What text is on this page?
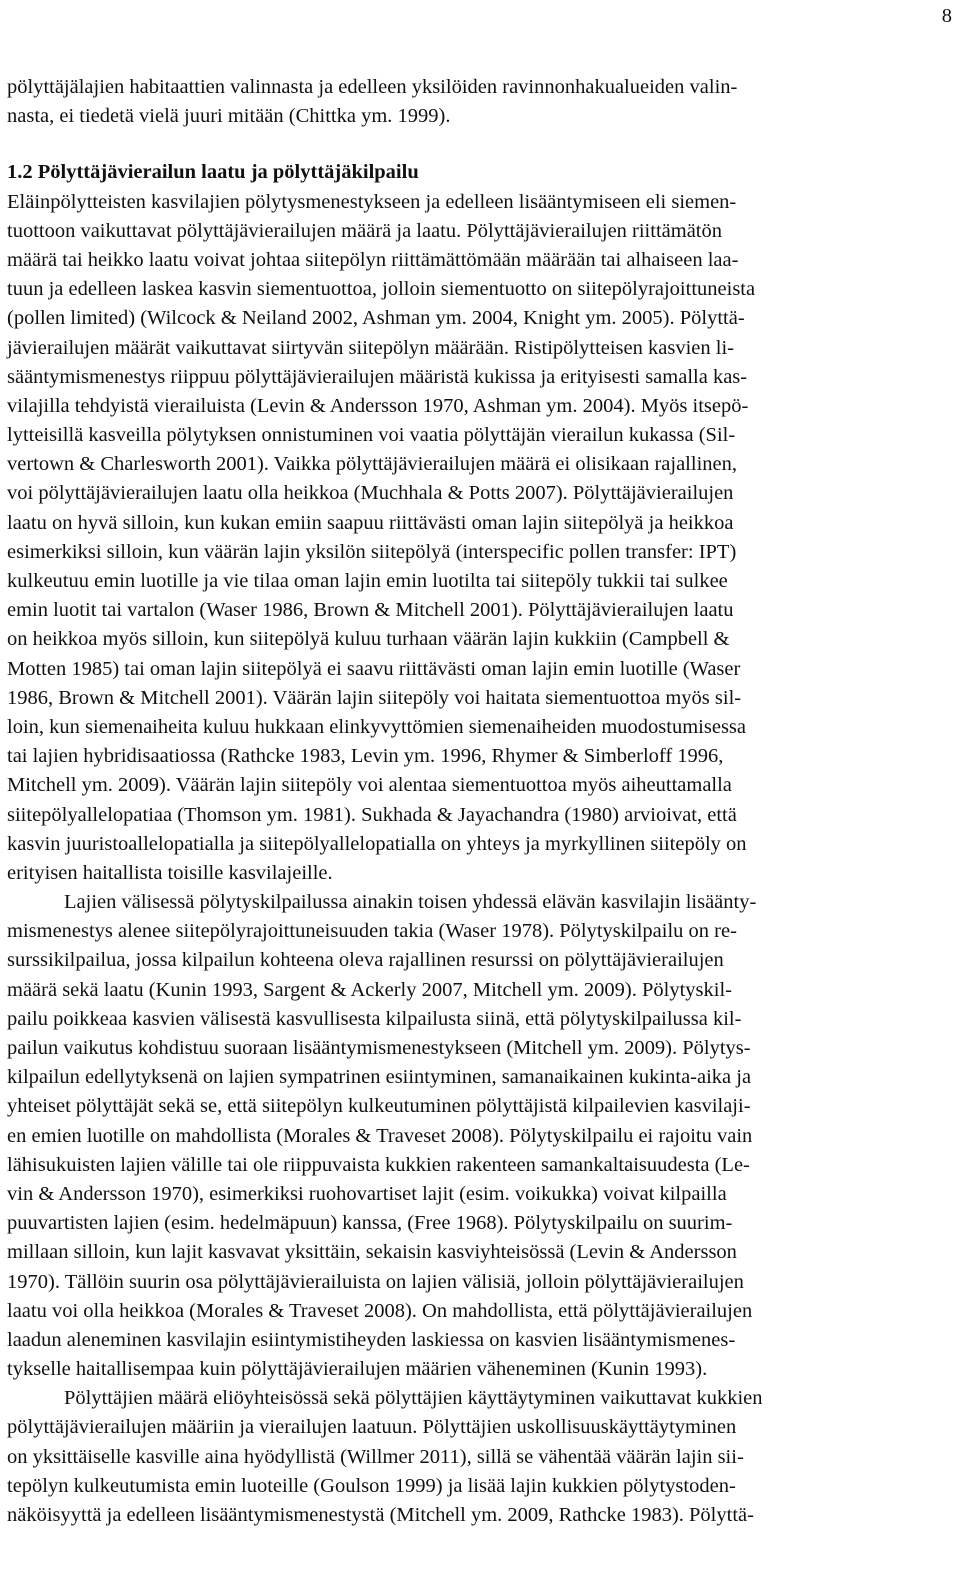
8
pölyttäjälajien habitaattien valinnasta ja edelleen yksilöiden ravinnonhakualueiden valin-
nasta, ei tiedetä vielä juuri mitään (Chittka ym. 1999).
1.2 Pölyttäjävierailun laatu ja pölyttäjäkilpailu
Eläinpölytteisten kasvilajien pölytysmenestykseen ja edelleen lisääntymiseen eli siemen-
tuottoon vaikuttavat pölyttäjävierailujen määrä ja laatu. Pölyttäjävierailujen riittämätön
määrä tai heikko laatu voivat johtaa siitepölyn riittämättömään määrään tai alhaiseen laa-
tuun ja edelleen laskea kasvin siementuottoa, jolloin siementuotto on siitepölyrajoittuneista
(pollen limited) (Wilcock & Neiland 2002, Ashman ym. 2004, Knight ym. 2005). Pölyttä-
jävierailujen määrät vaikuttavat siirtyvän siitepölyn määrään. Ristipölytteisen kasvien li-
sääntymismenestys riippuu pölyttäjävierailujen määristä kukissa ja erityisesti samalla kas-
vilajilla tehdyistä vierailuista (Levin & Andersson 1970, Ashman ym. 2004). Myös itsepö-
lytteisillä kasveilla pölytyksen onnistuminen voi vaatia pölyttäjän vierailun kukassa (Sil-
vertown & Charlesworth 2001). Vaikka pölyttäjävierailujen määrä ei olisikaan rajallinen,
voi pölyttäjävierailujen laatu olla heikkoa (Muchhala & Potts 2007). Pölyttäjävierailujen
laatu on hyvä silloin, kun kukan emiin saapuu riittävästi oman lajin siitepölyä ja heikkoa
esimerkiksi silloin, kun väärän lajin yksilön siitepölyä (interspecific pollen transfer: IPT)
kulkeutuu emin luotille ja vie tilaa oman lajin emin luotilta tai siitepöly tukkii tai sulkee
emin luotit tai vartalon (Waser 1986, Brown & Mitchell 2001). Pölyttäjävierailujen laatu
on heikkoa myös silloin, kun siitepölyä kuluu turhaan väärän lajin kukkiin (Campbell &
Motten 1985) tai oman lajin siitepölyä ei saavu riittävästi oman lajin emin luotille (Waser
1986, Brown & Mitchell 2001). Väärän lajin siitepöly voi haitata siementuottoa myös sil-
loin, kun siemenaiheita kuluu hukkaan elinkyvyttömien siemenaiheiden muodostumisessa
tai lajien hybridisaatiossa (Rathcke 1983, Levin ym. 1996, Rhymer & Simberloff 1996,
Mitchell ym. 2009). Väärän lajin siitepöly voi alentaa siementuottoa myös aiheuttamalla
siitepölyallelopatiaa (Thomson ym. 1981). Sukhada & Jayachandra (1980) arvioivat, että
kasvin juuristoallelopatialla ja siitepölyallelopatialla on yhteys ja myrkyllinen siitepöly on
erityisen haitallista toisille kasvilajeille.
Lajien välisessä pölytyskilpailussa ainakin toisen yhdessä elävän kasvilajin lisäänty-
mismenestys alenee siitepölyrajoittuneisuuden takia (Waser 1978). Pölytyskilpailu on re-
surssikilpailua, jossa kilpailun kohteena oleva rajallinen resurssi on pölyttäjävierailujen
määrä sekä laatu (Kunin 1993, Sargent & Ackerly 2007, Mitchell ym. 2009). Pölytyskil-
pailu poikkeaa kasvien välisestä kasvullisesta kilpailusta siinä, että pölytyskilpailussa kil-
pailun vaikutus kohdistuu suoraan lisääntymismenestykseen (Mitchell ym. 2009). Pölytys-
kilpailun edellytyksenä on lajien sympatrinen esiintyminen, samanaikainen kukinta-aika ja
yhteiset pölyttäjät sekä se, että siitepölyn kulkeutuminen pölyttäjistä kilpailevien kasvilaji-
en emien luotille on mahdollista (Morales & Traveset 2008). Pölytyskilpailu ei rajoitu vain
lähisukuisten lajien välille tai ole riippuvaista kukkien rakenteen samankaltaisuudesta (Le-
vin & Andersson 1970), esimerkiksi ruohovartiset lajit (esim. voikukka) voivat kilpailla
puuvartisten lajien (esim. hedelmäpuun) kanssa, (Free 1968). Pölytyskilpailu on suurim-
millaan silloin, kun lajit kasvavat yksittäin, sekaisin kasviyhteisössä (Levin & Andersson
1970). Tällöin suurin osa pölyttäjävierailuista on lajien välisiä, jolloin pölyttäjävierailujen
laatu voi olla heikkoa (Morales & Traveset 2008). On mahdollista, että pölyttäjävierailujen
laadun aleneminen kasvilajin esiintymistiheyden laskiessa on kasvien lisääntymismenes-
tykselle haitallisempaa kuin pölyttäjävierailujen määrien väheneminen (Kunin 1993).
Pölyttäjien määrä eliöyhteisössä sekä pölyttäjien käyttäytyminen vaikuttavat kukkien
pölyttäjävierailujen määriin ja vierailujen laatuun. Pölyttäjien uskollisuuskäyttäytyminen
on yksittäiselle kasville aina hyödyllistä (Willmer 2011), sillä se vähentää väärän lajin sii-
tepölyn kulkeutumista emin luoteille (Goulson 1999) ja lisää lajin kukkien pölytystoden-
näköisyyttä ja edelleen lisääntymismenestystä (Mitchell ym. 2009, Rathcke 1983). Pölyttä-
